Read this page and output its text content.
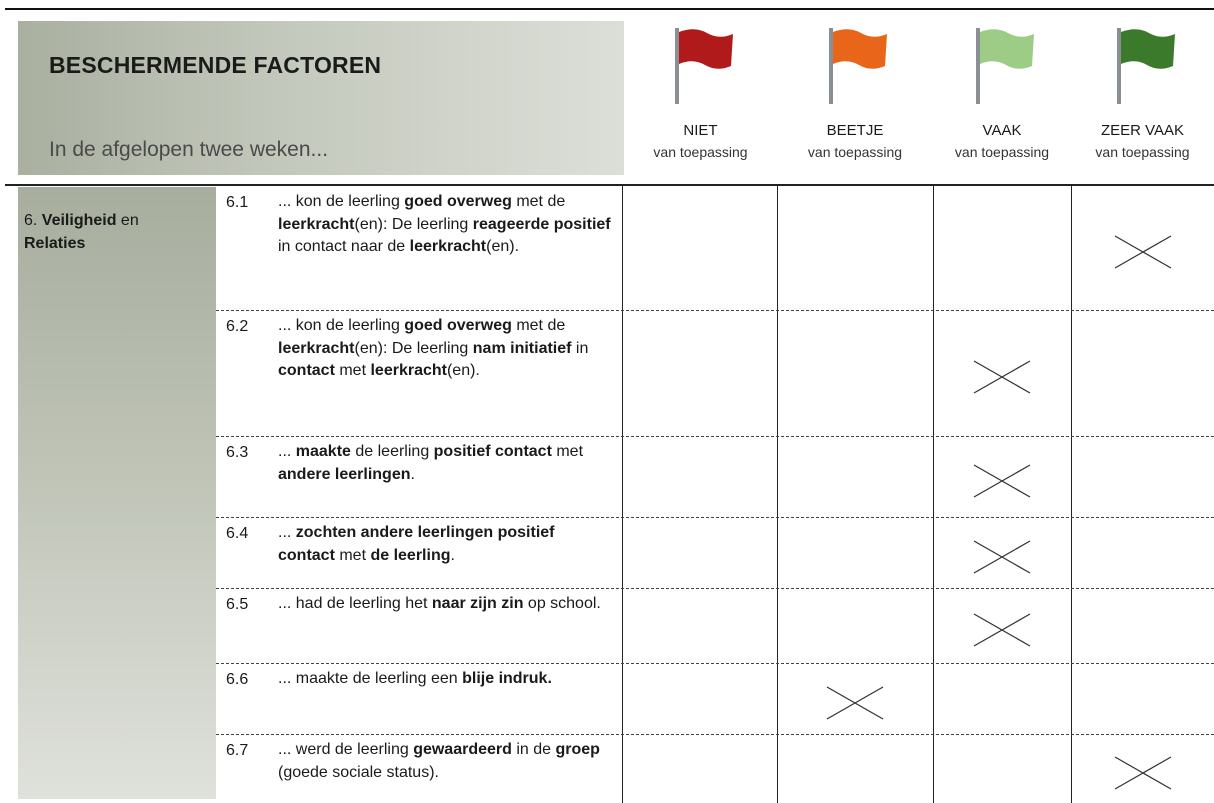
BESCHERMENDE FACTOREN
In de afgelopen twee weken...
NIET
van toepassing
BEETJE
van toepassing
VAAK
van toepassing
ZEER VAAK
van toepassing
6. Veiligheid en
Relaties
6.1 ... kon de leerling goed overweg met de leerkracht(en): De leerling reageerde positief in contact naar de leerkracht(en).
6.2 ... kon de leerling goed overweg met de leerkracht(en): De leerling nam initiatief in contact met leerkracht(en).
6.3 ... maakte de leerling positief contact met andere leerlingen.
6.4 ... zochten andere leerlingen positief contact met de leerling.
6.5 ... had de leerling het naar zijn zin op school.
6.6 ... maakte de leerling een blije indruk.
6.7 ... werd de leerling gewaardeerd in de groep (goede sociale status).
